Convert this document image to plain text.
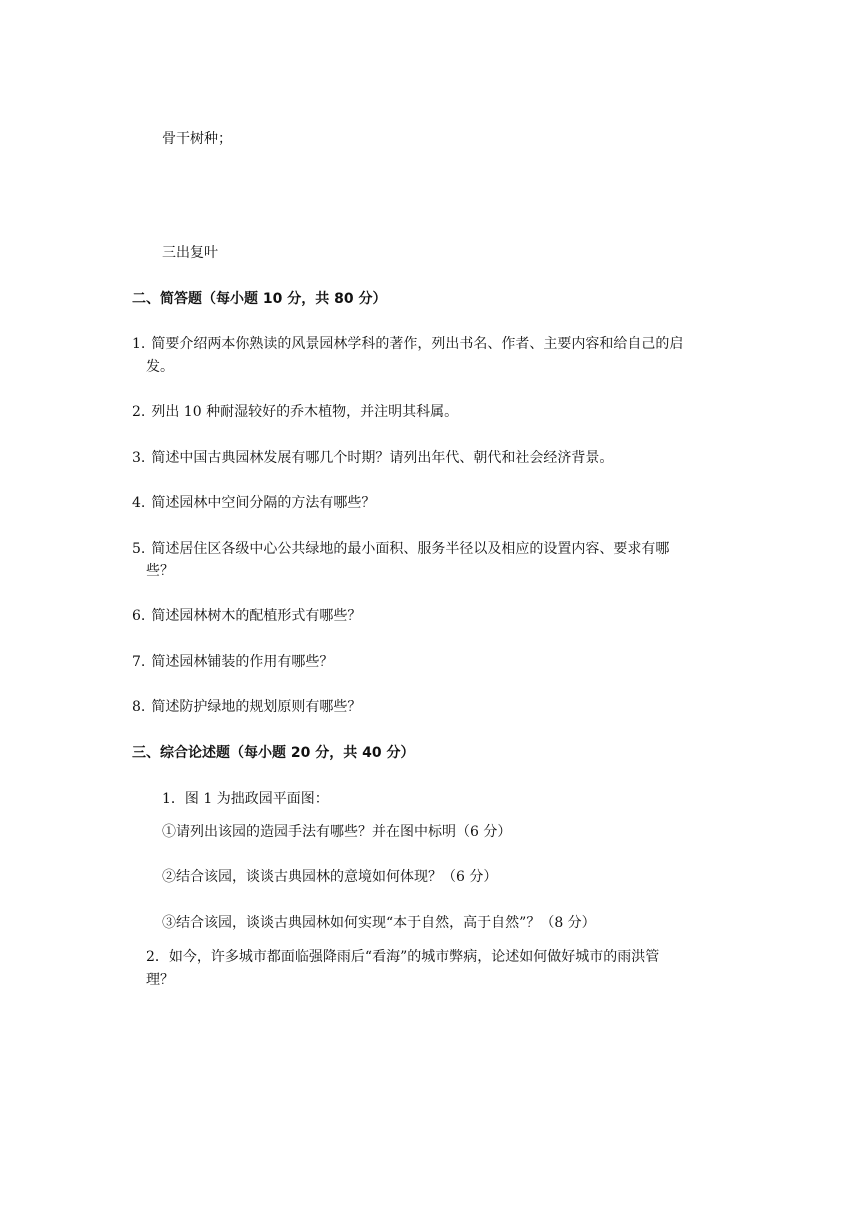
骨干树种；
三出复叶
二、简答题（每小题 10 分，共 80 分）
1. 简要介绍两本你熟读的风景园林学科的著作，列出书名、作者、主要内容和给自己的启
发。
2. 列出 10 种耐湿较好的乔木植物，并注明其科属。
3. 简述中国古典园林发展有哪几个时期？请列出年代、朝代和社会经济背景。
4. 简述园林中空间分隔的方法有哪些？
5. 简述居住区各级中心公共绿地的最小面积、服务半径以及相应的设置内容、要求有哪
些？
6. 简述园林树木的配植形式有哪些？
7. 简述园林铺装的作用有哪些？
8. 简述防护绿地的规划原则有哪些？
三、综合论述题（每小题 20 分，共 40 分）
1．图 1 为拙政园平面图：
①请列出该园的造园手法有哪些？并在图中标明（6 分）
②结合该园，谈谈古典园林的意境如何体现？（6 分）
③结合该园，谈谈古典园林如何实现“本于自然，高于自然”？（8 分）
2．如今，许多城市都面临强降雨后“看海”的城市弊病，论述如何做好城市的雨洪管
理？
